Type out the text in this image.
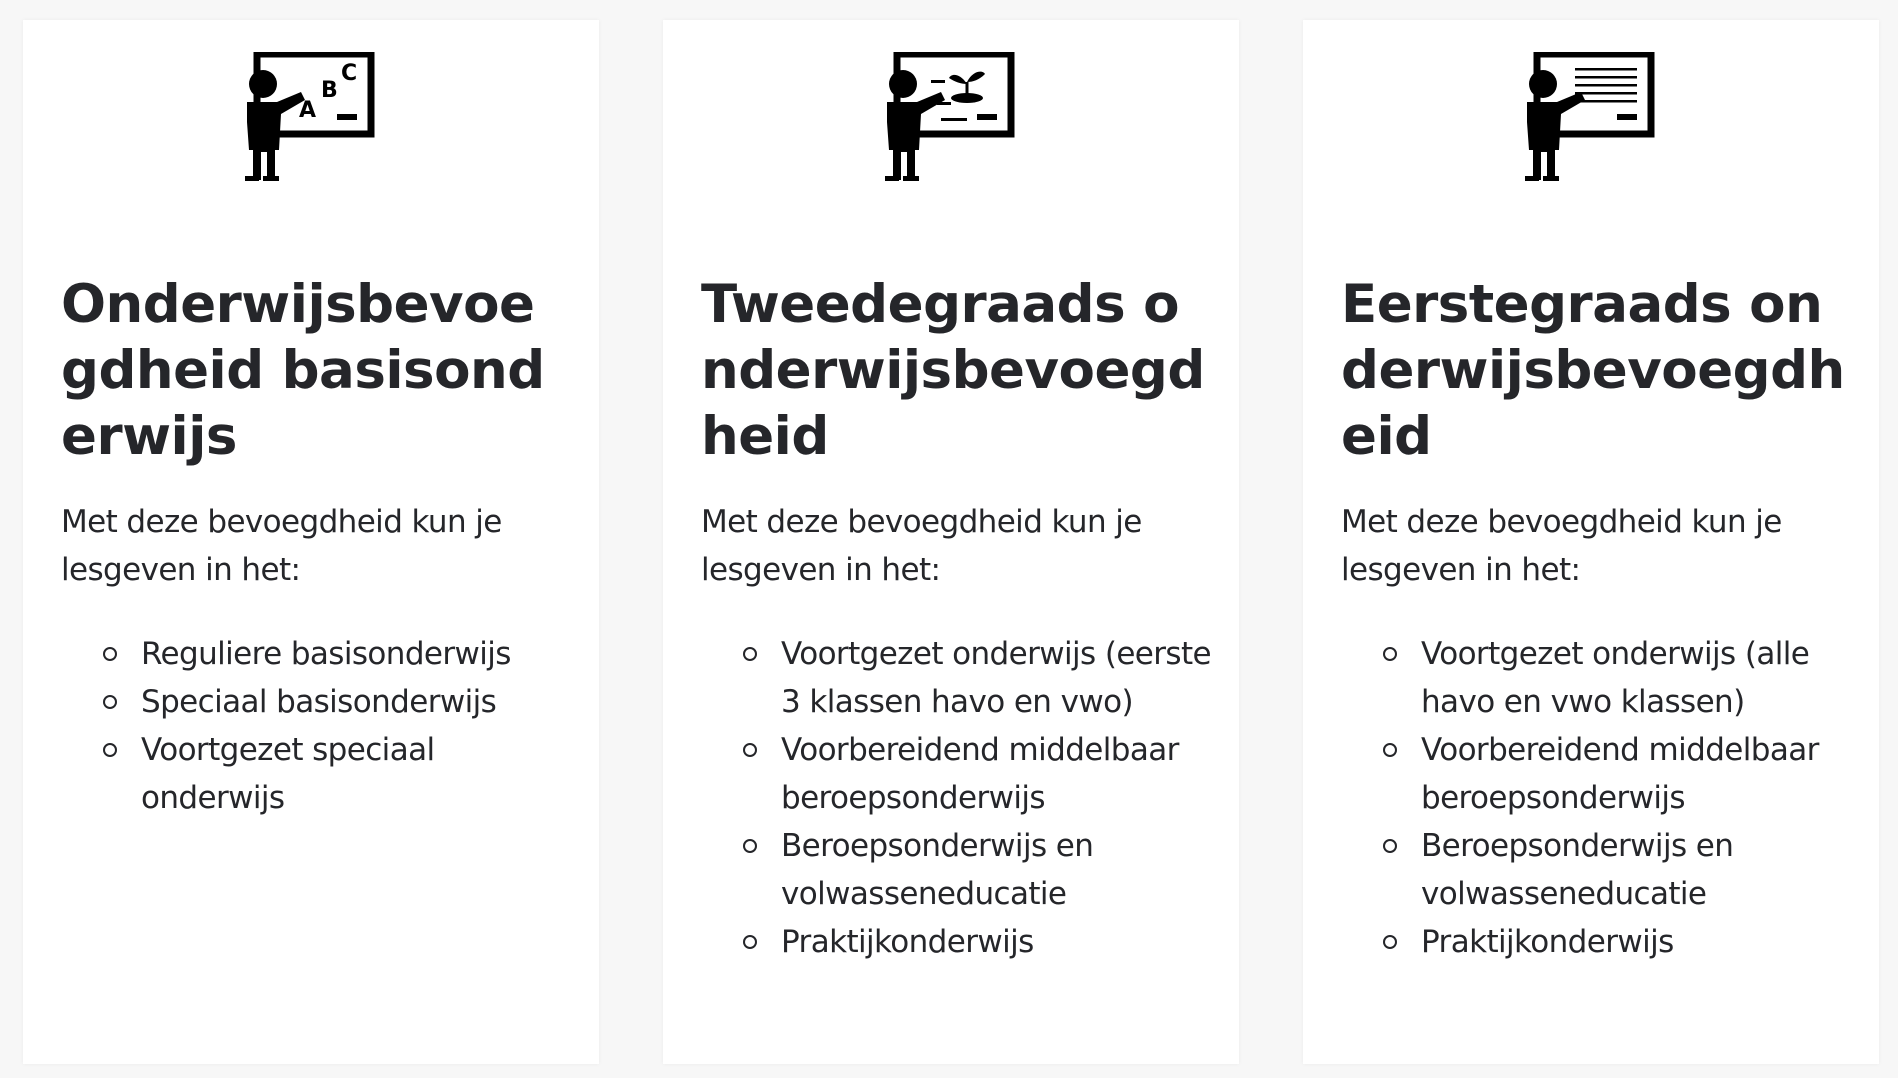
A
B
C
Onderwijsbevoegdheid basisonderwijs

Met deze bevoegdheid kun je lesgeven in het:

Reguliere basisonderwijs
Speciaal basisonderwijs
Voortgezet speciaal onderwijs
Tweedegraads onderwijsbevoegdheid

Met deze bevoegdheid kun je lesgeven in het:

Voortgezet onderwijs (eerste 3 klassen havo en vwo)
Voorbereidend middelbaar beroepsonderwijs
Beroepsonderwijs en volwasseneducatie
Praktijkonderwijs
Eerstegraads onderwijsbevoegdheid

Met deze bevoegdheid kun je lesgeven in het:

Voortgezet onderwijs (alle havo en vwo klassen)
Voorbereidend middelbaar beroepsonderwijs
Beroepsonderwijs en volwasseneducatie
Praktijkonderwijs
